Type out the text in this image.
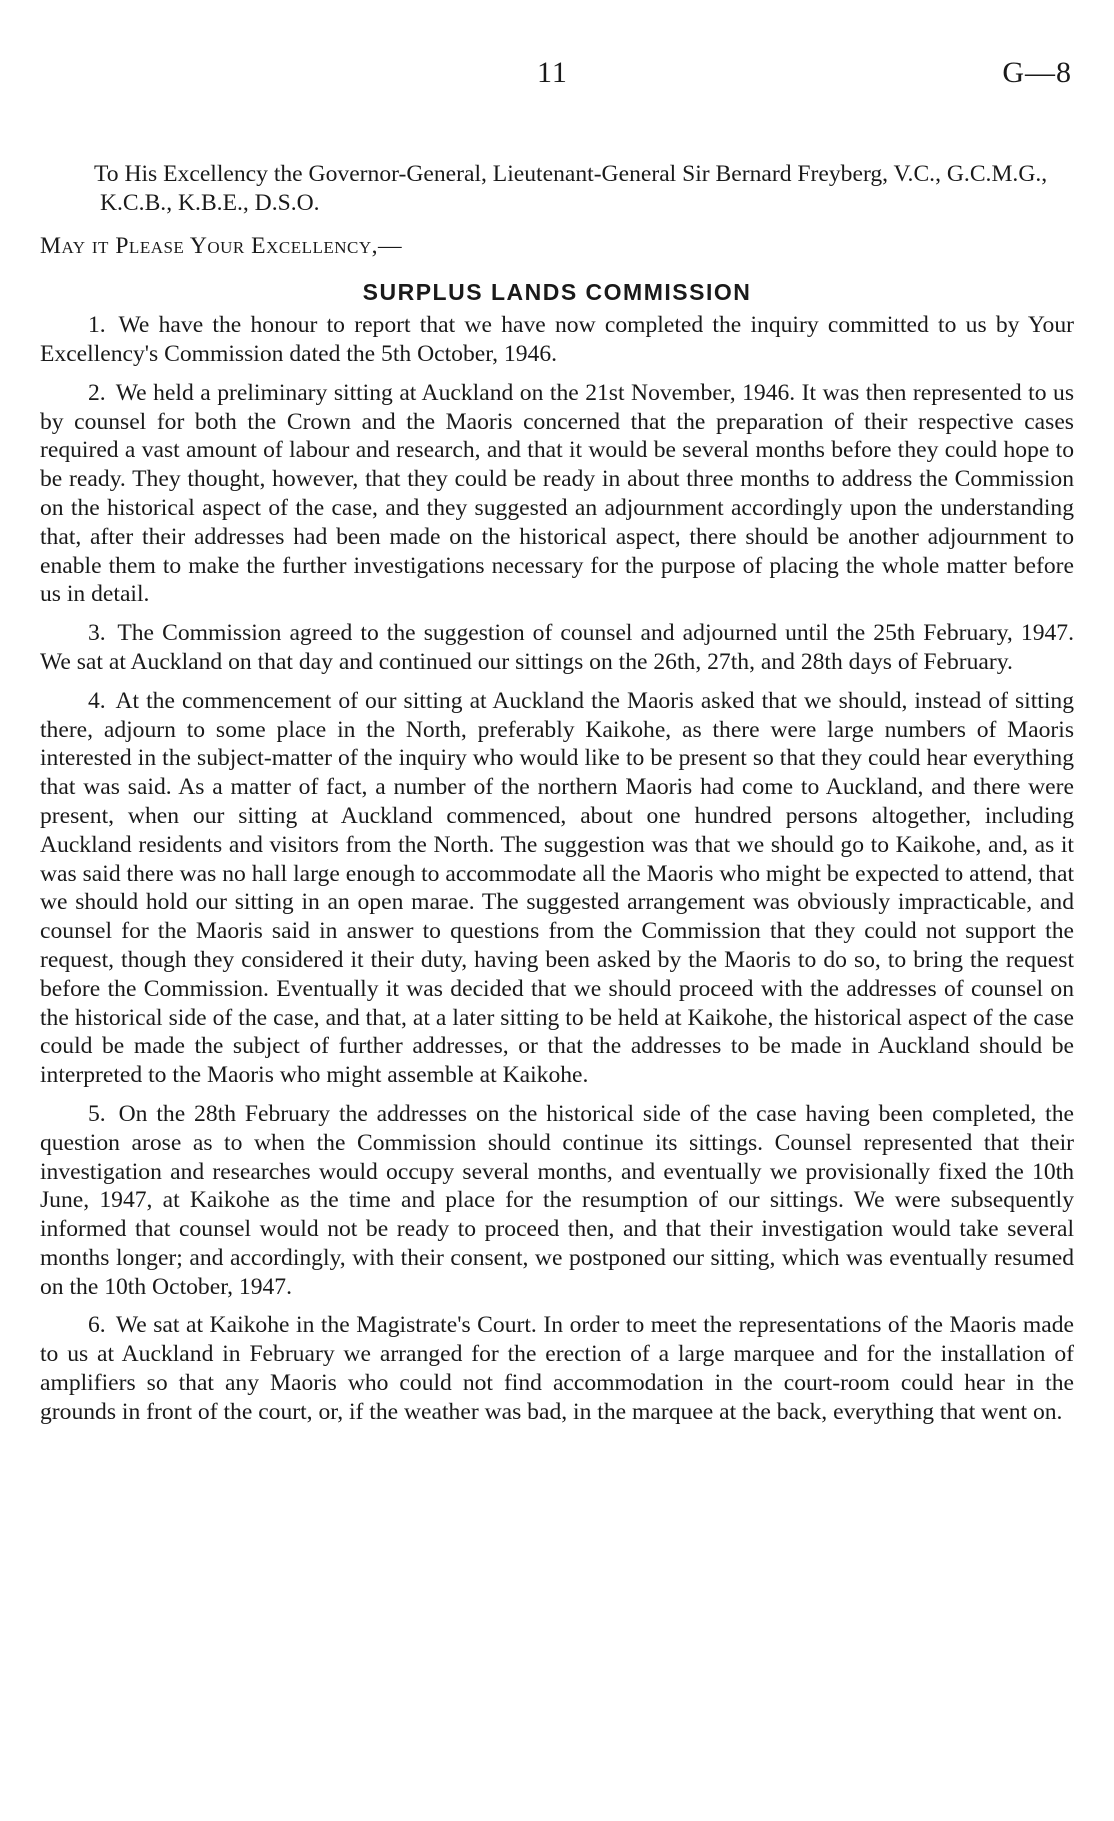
11	G—8

To His Excellency the Governor-General, Lieutenant-General Sir Bernard Freyberg, V.C., G.C.M.G., K.C.B., K.B.E., D.S.O.

May it Please Your Excellency,—

SURPLUS LANDS COMMISSION

1. We have the honour to report that we have now completed the inquiry committed to us by Your Excellency's Commission dated the 5th October, 1946.

2. We held a preliminary sitting at Auckland on the 21st November, 1946. It was then represented to us by counsel for both the Crown and the Maoris concerned that the preparation of their respective cases required a vast amount of labour and research, and that it would be several months before they could hope to be ready. They thought, however, that they could be ready in about three months to address the Commission on the historical aspect of the case, and they suggested an adjournment accordingly upon the understanding that, after their addresses had been made on the historical aspect, there should be another adjournment to enable them to make the further investigations necessary for the purpose of placing the whole matter before us in detail.

3. The Commission agreed to the suggestion of counsel and adjourned until the 25th February, 1947. We sat at Auckland on that day and continued our sittings on the 26th, 27th, and 28th days of February.

4. At the commencement of our sitting at Auckland the Maoris asked that we should, instead of sitting there, adjourn to some place in the North, preferably Kaikohe, as there were large numbers of Maoris interested in the subject-matter of the inquiry who would like to be present so that they could hear everything that was said. As a matter of fact, a number of the northern Maoris had come to Auckland, and there were present, when our sitting at Auckland commenced, about one hundred persons altogether, including Auckland residents and visitors from the North. The suggestion was that we should go to Kaikohe, and, as it was said there was no hall large enough to accommodate all the Maoris who might be expected to attend, that we should hold our sitting in an open marae. The suggested arrangement was obviously impracticable, and counsel for the Maoris said in answer to questions from the Commission that they could not support the request, though they considered it their duty, having been asked by the Maoris to do so, to bring the request before the Commission. Eventually it was decided that we should proceed with the addresses of counsel on the historical side of the case, and that, at a later sitting to be held at Kaikohe, the historical aspect of the case could be made the subject of further addresses, or that the addresses to be made in Auckland should be interpreted to the Maoris who might assemble at Kaikohe.

5. On the 28th February the addresses on the historical side of the case having been completed, the question arose as to when the Commission should continue its sittings. Counsel represented that their investigation and researches would occupy several months, and eventually we provisionally fixed the 10th June, 1947, at Kaikohe as the time and place for the resumption of our sittings. We were subsequently informed that counsel would not be ready to proceed then, and that their investigation would take several months longer; and accordingly, with their consent, we postponed our sitting, which was eventually resumed on the 10th October, 1947.

6. We sat at Kaikohe in the Magistrate's Court. In order to meet the representations of the Maoris made to us at Auckland in February we arranged for the erection of a large marquee and for the installation of amplifiers so that any Maoris who could not find accommodation in the court-room could hear in the grounds in front of the court, or, if the weather was bad, in the marquee at the back, everything that went on.
